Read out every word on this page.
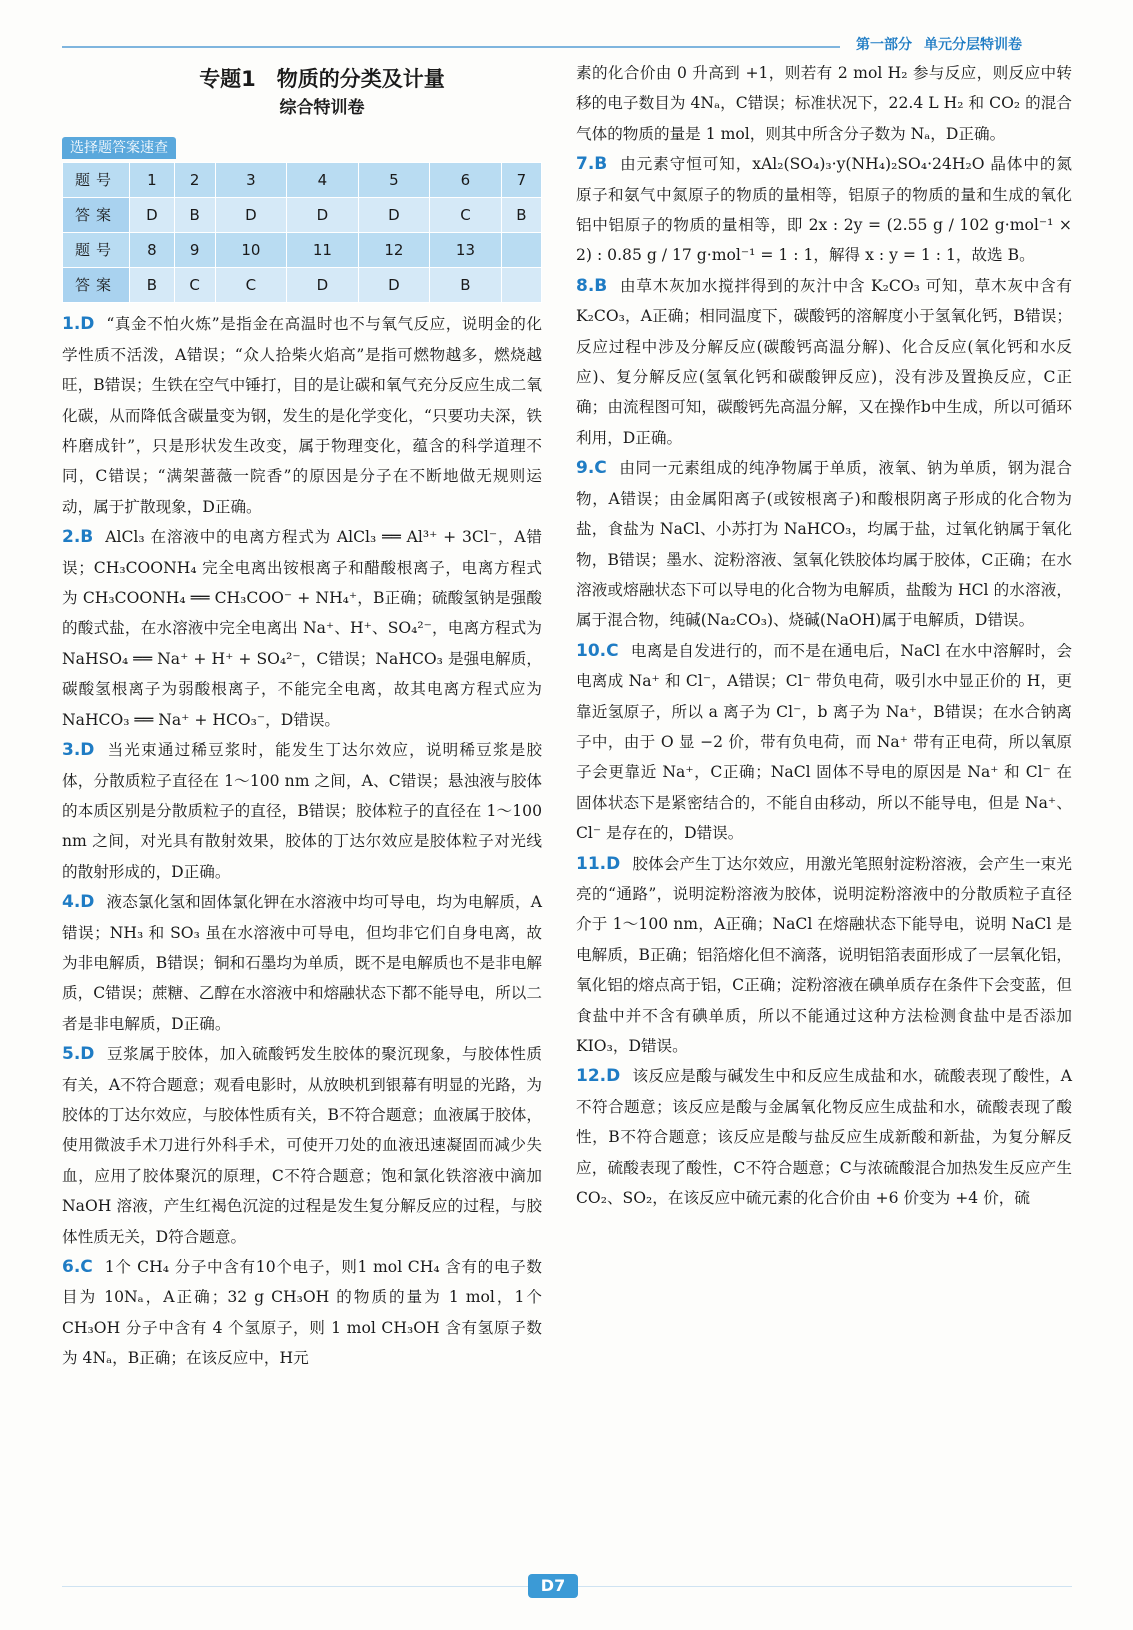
第一部分 单元分层特训卷
专题1　物质的分类及计量
综合特训卷
选择题答案速查
题号	1	2	3	4	5	6	7
答案	D	B	D	D	D	C	B
题号	8	9	10	11	12	13	
答案	B	C	C	D	D	B	

1.D “真金不怕火炼”是指金在高温时也不与氧气反应，说明金的化学性质不活泼，A错误；“众人拾柴火焰高”是指可燃物越多，燃烧越旺，B错误；生铁在空气中锤打，目的是让碳和氧气充分反应生成二氧化碳，从而降低含碳量变为钢，发生的是化学变化，“只要功夫深，铁杵磨成针”，只是形状发生改变，属于物理变化，蕴含的科学道理不同，C错误；“满架蔷薇一院香”的原因是分子在不断地做无规则运动，属于扩散现象，D正确。

2.B AlCl₃ 在溶液中的电离方程式为 AlCl₃ ══ Al³⁺ + 3Cl⁻，A错误；CH₃COONH₄ 完全电离出铵根离子和醋酸根离子，电离方程式为 CH₃COONH₄ ══ CH₃COO⁻ + NH₄⁺，B正确；硫酸氢钠是强酸的酸式盐，在水溶液中完全电离出 Na⁺、H⁺、SO₄²⁻，电离方程式为 NaHSO₄ ══ Na⁺ + H⁺ + SO₄²⁻，C错误；NaHCO₃ 是强电解质，碳酸氢根离子为弱酸根离子，不能完全电离，故其电离方程式应为 NaHCO₃ ══ Na⁺ + HCO₃⁻，D错误。

3.D 当光束通过稀豆浆时，能发生丁达尔效应，说明稀豆浆是胶体，分散质粒子直径在 1～100 nm 之间，A、C错误；悬浊液与胶体的本质区别是分散质粒子的直径，B错误；胶体粒子的直径在 1～100 nm 之间，对光具有散射效果，胶体的丁达尔效应是胶体粒子对光线的散射形成的，D正确。

4.D 液态氯化氢和固体氯化钾在水溶液中均可导电，均为电解质，A错误；NH₃ 和 SO₃ 虽在水溶液中可导电，但均非它们自身电离，故为非电解质，B错误；铜和石墨均为单质，既不是电解质也不是非电解质，C错误；蔗糖、乙醇在水溶液中和熔融状态下都不能导电，所以二者是非电解质，D正确。

5.D 豆浆属于胶体，加入硫酸钙发生胶体的聚沉现象，与胶体性质有关，A不符合题意；观看电影时，从放映机到银幕有明显的光路，为胶体的丁达尔效应，与胶体性质有关，B不符合题意；血液属于胶体，使用微波手术刀进行外科手术，可使开刀处的血液迅速凝固而减少失血，应用了胶体聚沉的原理，C不符合题意；饱和氯化铁溶液中滴加 NaOH 溶液，产生红褐色沉淀的过程是发生复分解反应的过程，与胶体性质无关，D符合题意。

6.C 1个 CH₄ 分子中含有10个电子，则1 mol CH₄ 含有的电子数目为 10Nₐ，A正确；32 g CH₃OH 的物质的量为 1 mol，1个 CH₃OH 分子中含有 4 个氢原子，则 1 mol CH₃OH 含有氢原子数为 4Nₐ，B正确；在该反应中，H元

素的化合价由 0 升高到 +1，则若有 2 mol H₂ 参与反应，则反应中转移的电子数目为 4Nₐ，C错误；标准状况下，22.4 L H₂ 和 CO₂ 的混合气体的物质的量是 1 mol，则其中所含分子数为 Nₐ，D正确。

7.B 由元素守恒可知，xAl₂(SO₄)₃·y(NH₄)₂SO₄·24H₂O 晶体中的氮原子和氨气中氮原子的物质的量相等，铝原子的物质的量和生成的氧化铝中铝原子的物质的量相等，即 2x : 2y = (2.55 g / 102 g·mol⁻¹ × 2) : 0.85 g / 17 g·mol⁻¹ = 1 : 1，解得 x : y = 1 : 1，故选 B。

8.B 由草木灰加水搅拌得到的灰汁中含 K₂CO₃ 可知，草木灰中含有 K₂CO₃，A正确；相同温度下，碳酸钙的溶解度小于氢氧化钙，B错误；反应过程中涉及分解反应(碳酸钙高温分解)、化合反应(氧化钙和水反应)、复分解反应(氢氧化钙和碳酸钾反应)，没有涉及置换反应，C正确；由流程图可知，碳酸钙先高温分解，又在操作b中生成，所以可循环利用，D正确。

9.C 由同一元素组成的纯净物属于单质，液氧、钠为单质，钢为混合物，A错误；由金属阳离子(或铵根离子)和酸根阴离子形成的化合物为盐，食盐为 NaCl、小苏打为 NaHCO₃，均属于盐，过氧化钠属于氧化物，B错误；墨水、淀粉溶液、氢氧化铁胶体均属于胶体，C正确；在水溶液或熔融状态下可以导电的化合物为电解质，盐酸为 HCl 的水溶液，属于混合物，纯碱(Na₂CO₃)、烧碱(NaOH)属于电解质，D错误。

10.C 电离是自发进行的，而不是在通电后，NaCl 在水中溶解时，会电离成 Na⁺ 和 Cl⁻，A错误；Cl⁻ 带负电荷，吸引水中显正价的 H，更靠近氢原子，所以 a 离子为 Cl⁻，b 离子为 Na⁺，B错误；在水合钠离子中，由于 O 显 −2 价，带有负电荷，而 Na⁺ 带有正电荷，所以氧原子会更靠近 Na⁺，C正确；NaCl 固体不导电的原因是 Na⁺ 和 Cl⁻ 在固体状态下是紧密结合的，不能自由移动，所以不能导电，但是 Na⁺、Cl⁻ 是存在的，D错误。

11.D 胶体会产生丁达尔效应，用激光笔照射淀粉溶液，会产生一束光亮的“通路”，说明淀粉溶液为胶体，说明淀粉溶液中的分散质粒子直径介于 1～100 nm，A正确；NaCl 在熔融状态下能导电，说明 NaCl 是电解质，B正确；铝箔熔化但不滴落，说明铝箔表面形成了一层氧化铝，氧化铝的熔点高于铝，C正确；淀粉溶液在碘单质存在条件下会变蓝，但食盐中并不含有碘单质，所以不能通过这种方法检测食盐中是否添加 KIO₃，D错误。

12.D 该反应是酸与碱发生中和反应生成盐和水，硫酸表现了酸性，A不符合题意；该反应是酸与金属氧化物反应生成盐和水，硫酸表现了酸性，B不符合题意；该反应是酸与盐反应生成新酸和新盐，为复分解反应，硫酸表现了酸性，C不符合题意；C与浓硫酸混合加热发生反应产生 CO₂、SO₂，在该反应中硫元素的化合价由 +6 价变为 +4 价，硫

D7
